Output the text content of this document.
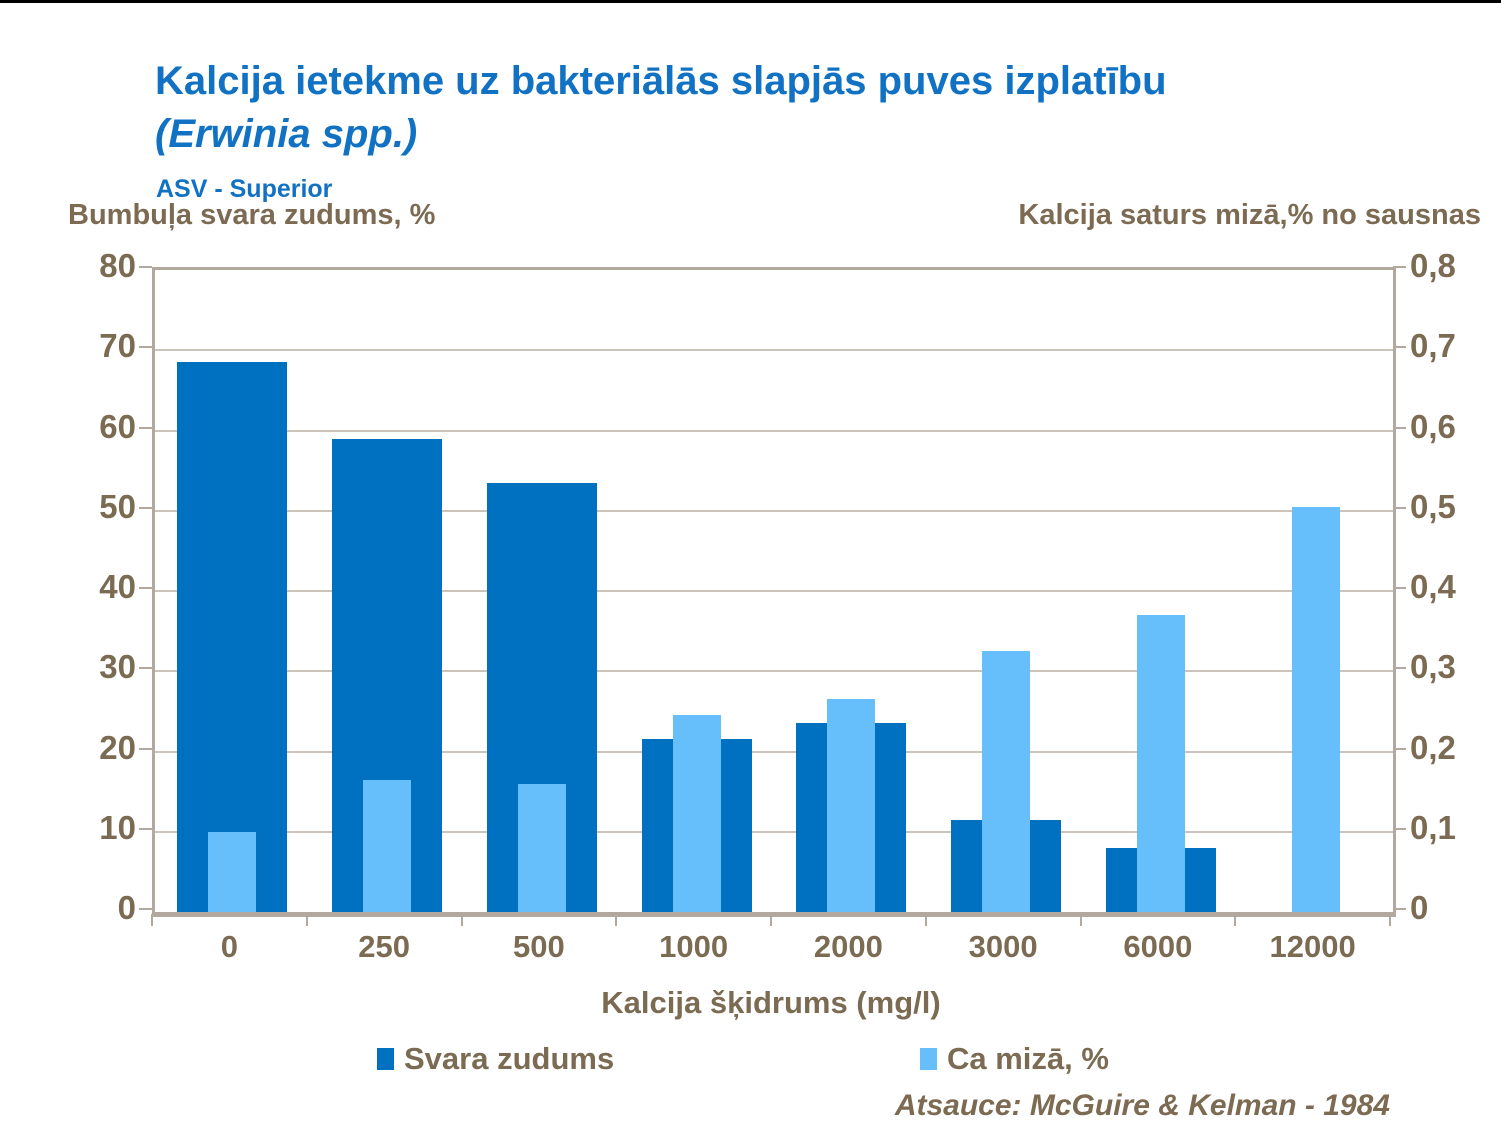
Kalcija ietekme uz bakteriālās slapjās puves izplatību
(Erwinia spp.)
ASV - Superior
Bumbuļa svara zudums, %	Kalcija saturs mizā,% no sausnas
80
70
60
50
40
30
20
10
0
0,8
0,7
0,6
0,5
0,4
0,3
0,2
0,1
0
0	250	500	1000	2000	3000	6000	12000
Kalcija šķidrums (mg/l)
Svara zudums	Ca mizā, %
Atsauce: McGuire & Kelman - 1984
